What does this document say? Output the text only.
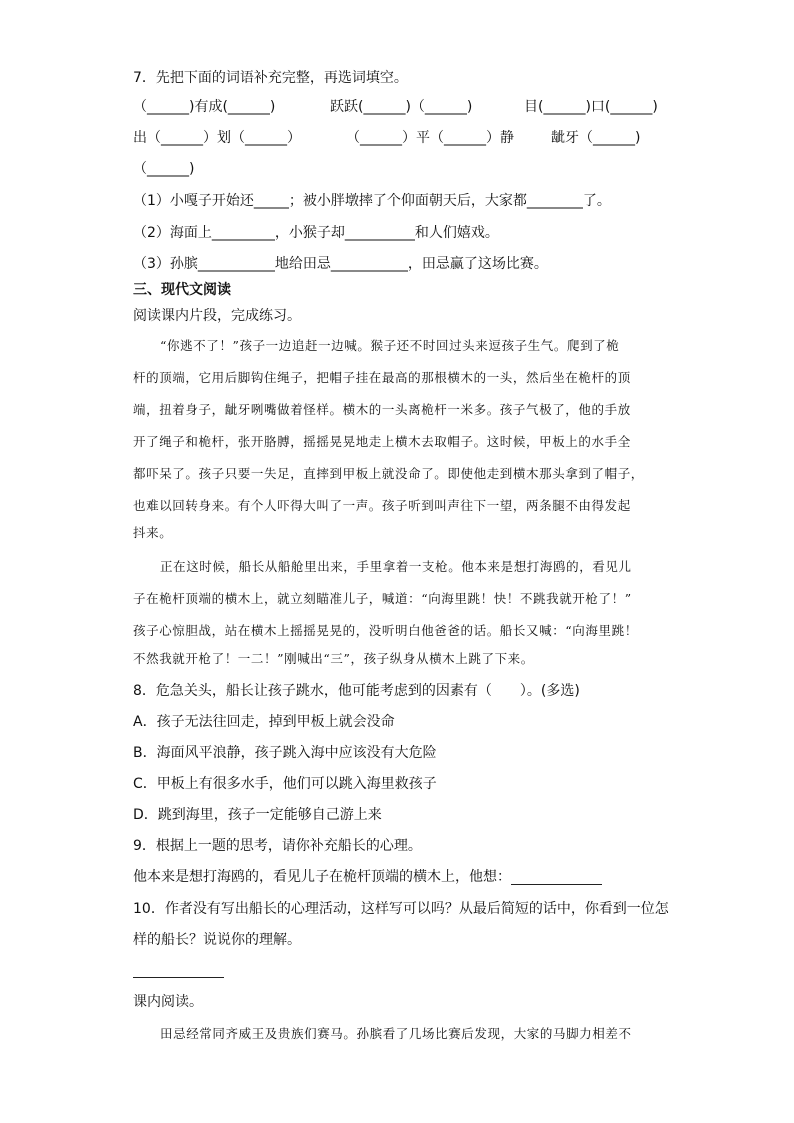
7．先把下面的词语补充完整，再选词填空。
（______)有成(______)	跃跃(______)（______)	目(______)口(______)
出（______）划（______）	（______）平（______）静	龇牙（______)
（______)
（1）小嘎子开始还_____；被小胖墩摔了个仰面朝天后，大家都________了。
（2）海面上_________，小猴子却__________和人们嬉戏。
（3）孙膑___________地给田忌___________，田忌赢了这场比赛。
三、现代文阅读
阅读课内片段，完成练习。
“你逃不了！”孩子一边追赶一边喊。猴子还不时回过头来逗孩子生气。爬到了桅
杆的顶端，它用后脚钩住绳子，把帽子挂在最高的那根横木的一头，然后坐在桅杆的顶
端，扭着身子，龇牙咧嘴做着怪样。横木的一头离桅杆一米多。孩子气极了，他的手放
开了绳子和桅杆，张开胳膊，摇摇晃晃地走上横木去取帽子。这时候，甲板上的水手全
都吓呆了。孩子只要一失足，直摔到甲板上就没命了。即使他走到横木那头拿到了帽子，
也难以回转身来。有个人吓得大叫了一声。孩子听到叫声往下一望，两条腿不由得发起
抖来。
正在这时候，船长从船舱里出来，手里拿着一支枪。他本来是想打海鸥的，看见儿
子在桅杆顶端的横木上，就立刻瞄准儿子，喊道：“向海里跳！快！不跳我就开枪了！”
孩子心惊胆战，站在横木上摇摇晃晃的，没听明白他爸爸的话。船长又喊：“向海里跳！
不然我就开枪了！一二！”刚喊出“三”，孩子纵身从横木上跳了下来。
8．危急关头，船长让孩子跳水，他可能考虑到的因素有（　　）。(多选)
A．孩子无法往回走，掉到甲板上就会没命
B．海面风平浪静，孩子跳入海中应该没有大危险
C．甲板上有很多水手，他们可以跳入海里救孩子
D．跳到海里，孩子一定能够自己游上来
9．根据上一题的思考，请你补充船长的心理。
他本来是想打海鸥的，看见儿子在桅杆顶端的横木上，他想：
10．作者没有写出船长的心理活动，这样写可以吗？从最后简短的话中，你看到一位怎
样的船长？说说你的理解。
课内阅读。
田忌经常同齐威王及贵族们赛马。孙膑看了几场比赛后发现，大家的马脚力相差不
